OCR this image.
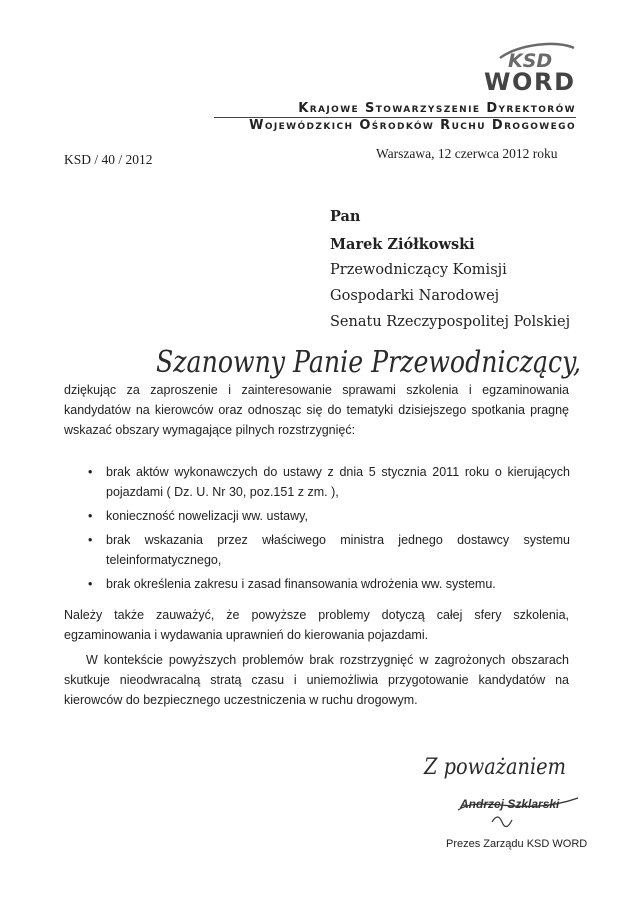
KSD
WORD
Krajowe Stowarzyszenie Dyrektorów
Wojewódzkich Ośrodków Ruchu Drogowego
KSD / 40 / 2012	Warszawa, 12 czerwca 2012 roku
Pan
Marek Ziółkowski
Przewodniczący Komisji
Gospodarki Narodowej
Senatu Rzeczypospolitej Polskiej
Szanowny Panie Przewodniczący,
dziękując za zaproszenie i zainteresowanie sprawami szkolenia i egzaminowania kandydatów na kierowców oraz odnosząc się do tematyki dzisiejszego spotkania pragnę wskazać obszary wymagające pilnych rozstrzygnięć:
• brak aktów wykonawczych do ustawy z dnia 5 stycznia 2011 roku o kierujących pojazdami ( Dz. U. Nr 30, poz.151 z zm. ),
• konieczność nowelizacji ww. ustawy,
• brak wskazania przez właściwego ministra jednego dostawcy systemu teleinformatycznego,
• brak określenia zakresu i zasad finansowania wdrożenia ww. systemu.
Należy także zauważyć, że powyższe problemy dotyczą całej sfery szkolenia, egzaminowania i wydawania uprawnień do kierowania pojazdami.
W kontekście powyższych problemów brak rozstrzygnięć w zagrożonych obszarach skutkuje nieodwracalną stratą czasu i uniemożliwia przygotowanie kandydatów na kierowców do bezpiecznego uczestniczenia w ruchu drogowym.
Z poważaniem
Andrzej Szklarski
Prezes Zarządu KSD WORD
